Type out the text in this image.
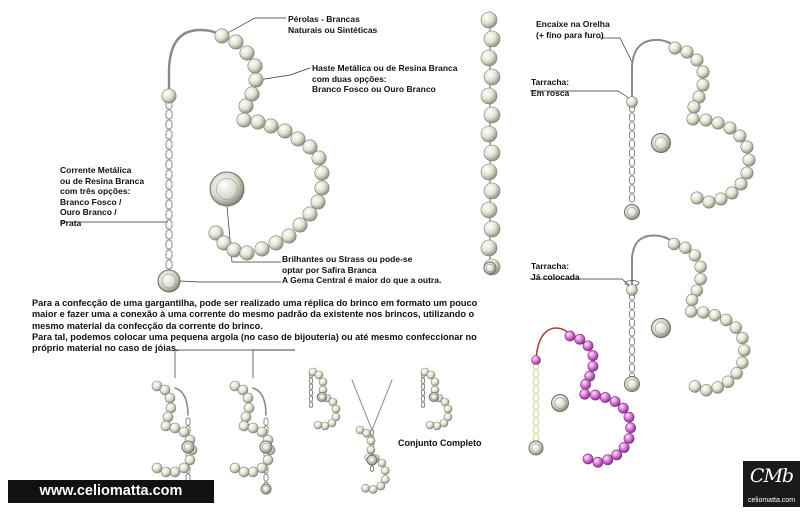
Pérolas - Brancas
Naturais ou Sintéticas
Haste Metálica ou de Resina Branca
com duas opções:
Branco Fosco ou Ouro Branco
Corrente Metálica
ou de Resina Branca
com três opções:
Branco Fosco /
Ouro Branco /
Prata
Brilhantes ou Strass ou pode-se
optar por Safira Branca
A Gema Central é maior do que a outra.
Encaixe na Orelha
(+ fino para furo)
Tarracha:
Em rosca
Tarracha:
Já colocada
Conjunto Completo

Para a confecção de uma gargantilha, pode ser realizado uma réplica do brinco em formato um pouco maior e fazer uma a conexão à uma corrente do mesmo padrão da existente nos brincos, utilizando o mesmo material da confecção da corrente do brinco.

Para tal, podemos colocar uma pequena argola (no caso de bijouteria) ou até mesmo confeccionar no próprio material no caso de jóias.

www.celiomatta.com
CMb
celiomatta.com
